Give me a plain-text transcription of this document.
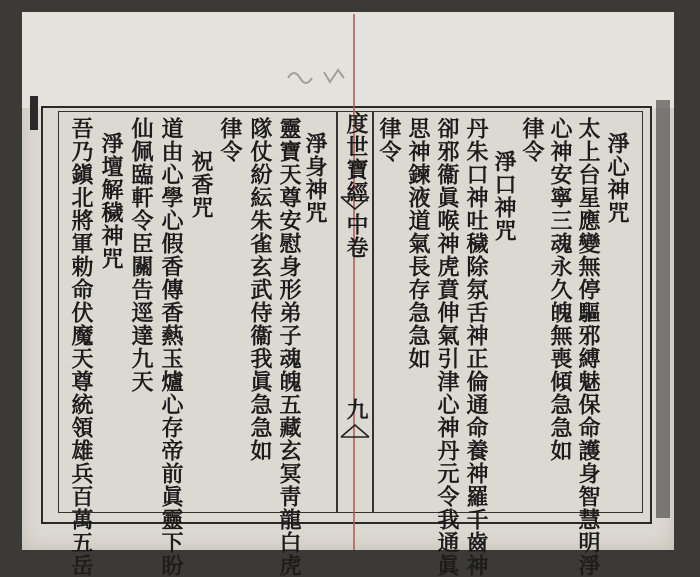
度世寶經
中卷
九
淨心神咒
太上台星應變無停驅邪縛魅保命護身智慧明淨
心神安寧三魂永久魄無喪傾急急如
律令
淨口神咒
丹朱口神吐穢除氛舌神正倫通命養神羅千齒神
卻邪衞眞喉神虎賁伸氣引津心神丹元令我通眞
思神鍊液道氣長存急急如
律令
淨身神咒
靈寶天尊安慰身形弟子魂魄五藏玄冥靑龍白虎
隊仗紛紜朱雀玄武侍衞我眞急急如
律令
祝香咒
道由心學心假香傳香爇玉爐心存帝前眞靈下盼
仙佩臨軒令臣關告逕達九天
淨壇解穢神咒
吾乃鎭北將軍勅命伏魔天尊統領雄兵百萬五岳
